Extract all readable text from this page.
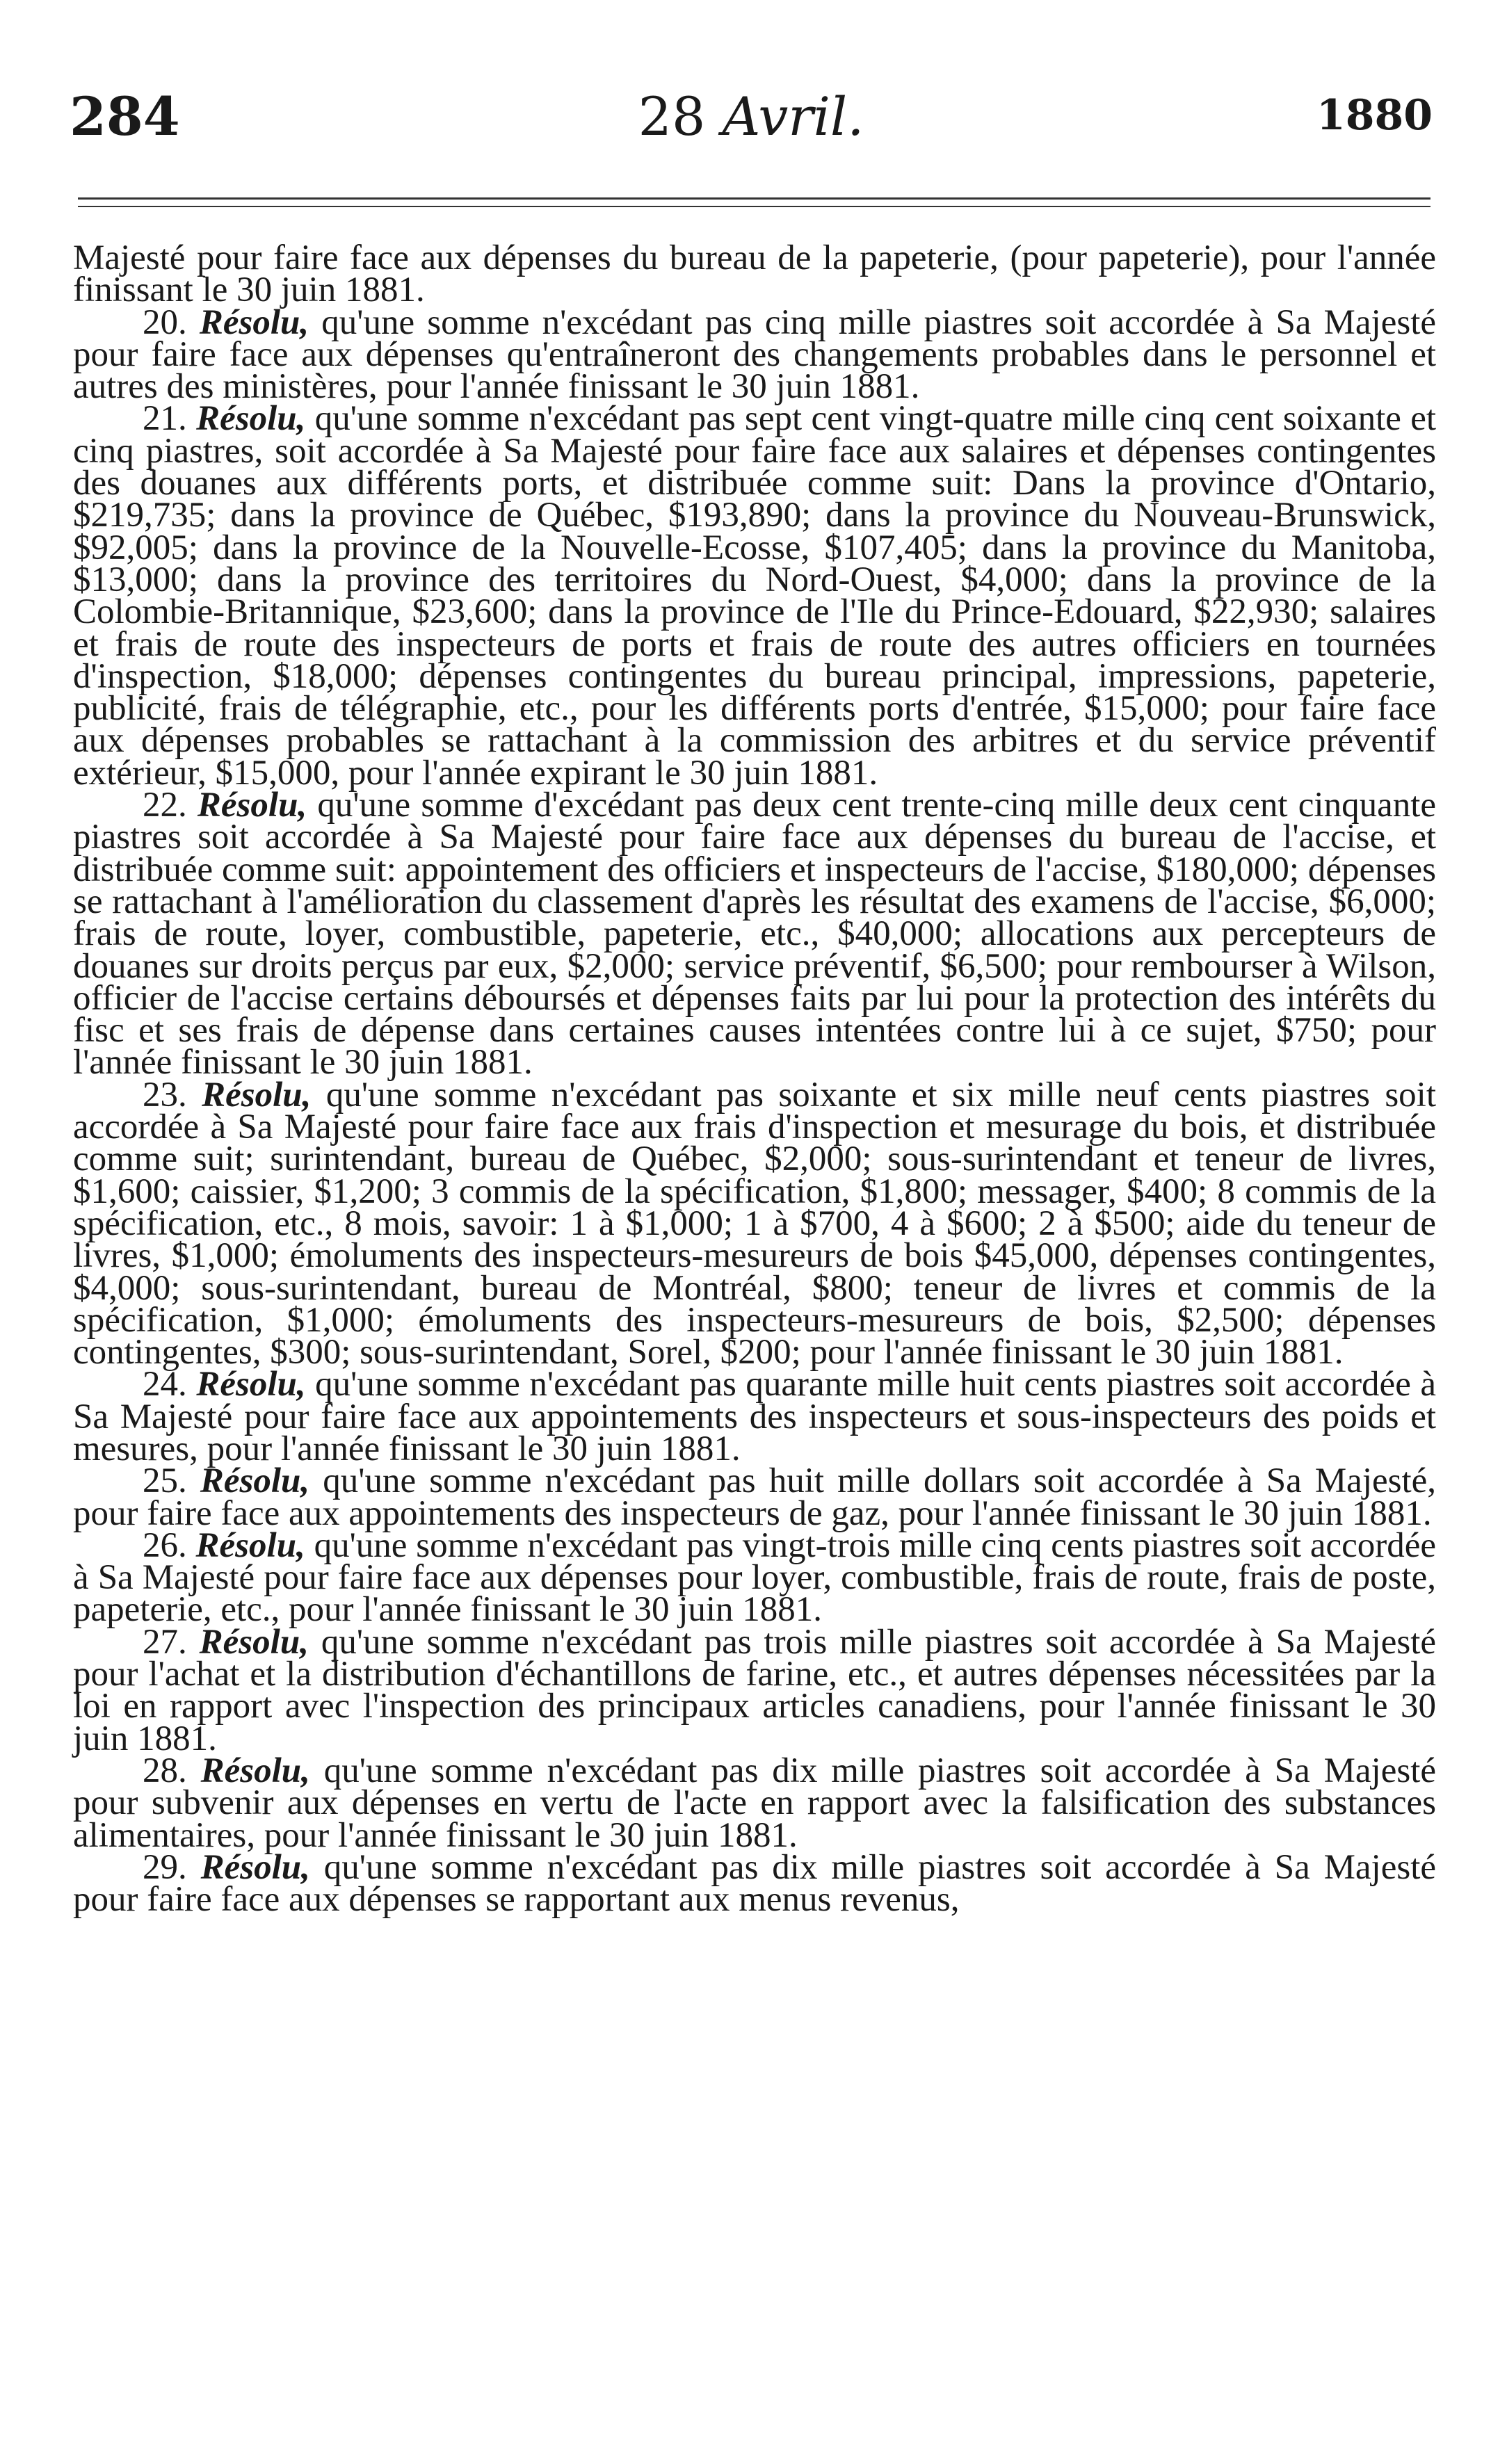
284	28 Avril.	1880

Majesté pour faire face aux dépenses du bureau de la papeterie, (pour papeterie), pour l'année finissant le 30 juin 1881.

20. Résolu, qu'une somme n'excédant pas cinq mille piastres soit accordée à Sa Majesté pour faire face aux dépenses qu'entraîneront des changements probables dans le personnel et autres des ministères, pour l'année finissant le 30 juin 1881.

21. Résolu, qu'une somme n'excédant pas sept cent vingt-quatre mille cinq cent soixante et cinq piastres, soit accordée à Sa Majesté pour faire face aux salaires et dépenses contingentes des douanes aux différents ports, et distribuée comme suit: Dans la province d'Ontario, $219,735; dans la province de Québec, $193,890; dans la province du Nouveau-Brunswick, $92,005; dans la province de la Nouvelle-Ecosse, $107,405; dans la province du Manitoba, $13,000; dans la province des territoires du Nord-Ouest, $4,000; dans la province de la Colombie-Britannique, $23,600; dans la province de l'Ile du Prince-Edouard, $22,930; salaires et frais de route des inspecteurs de ports et frais de route des autres officiers en tournées d'inspection, $18,000; dépenses contingentes du bureau principal, impressions, papeterie, publicité, frais de télégraphie, etc., pour les différents ports d'entrée, $15,000; pour faire face aux dépenses probables se rattachant à la commission des arbitres et du service préventif extérieur, $15,000, pour l'année expirant le 30 juin 1881.

22. Résolu, qu'une somme d'excédant pas deux cent trente-cinq mille deux cent cinquante piastres soit accordée à Sa Majesté pour faire face aux dépenses du bureau de l'accise, et distribuée comme suit: appointement des officiers et inspecteurs de l'accise, $180,000; dépenses se rattachant à l'amélioration du classement d'après les résultat des examens de l'accise, $6,000; frais de route, loyer, combustible, papeterie, etc., $40,000; allocations aux percepteurs de douanes sur droits perçus par eux, $2,000; service préventif, $6,500; pour rembourser à Wilson, officier de l'accise certains déboursés et dépenses faits par lui pour la protection des intérêts du fisc et ses frais de dépense dans certaines causes intentées contre lui à ce sujet, $750; pour l'année finissant le 30 juin 1881.

23. Résolu, qu'une somme n'excédant pas soixante et six mille neuf cents piastres soit accordée à Sa Majesté pour faire face aux frais d'inspection et mesurage du bois, et distribuée comme suit; surintendant, bureau de Québec, $2,000; sous-surintendant et teneur de livres, $1,600; caissier, $1,200; 3 commis de la spécification, $1,800; messager, $400; 8 commis de la spécification, etc., 8 mois, savoir: 1 à $1,000; 1 à $700, 4 à $600; 2 à $500; aide du teneur de livres, $1,000; émoluments des inspecteurs-mesureurs de bois $45,000, dépenses contingentes, $4,000; sous-surintendant, bureau de Montréal, $800; teneur de livres et commis de la spécification, $1,000; émoluments des inspecteurs-mesureurs de bois, $2,500; dépenses contingentes, $300; sous-surintendant, Sorel, $200; pour l'année finissant le 30 juin 1881.

24. Résolu, qu'une somme n'excédant pas quarante mille huit cents piastres soit accordée à Sa Majesté pour faire face aux appointements des inspecteurs et sous-inspecteurs des poids et mesures, pour l'année finissant le 30 juin 1881.

25. Résolu, qu'une somme n'excédant pas huit mille dollars soit accordée à Sa Majesté, pour faire face aux appointements des inspecteurs de gaz, pour l'année finissant le 30 juin 1881.

26. Résolu, qu'une somme n'excédant pas vingt-trois mille cinq cents piastres soit accordée à Sa Majesté pour faire face aux dépenses pour loyer, combustible, frais de route, frais de poste, papeterie, etc., pour l'année finissant le 30 juin 1881.

27. Résolu, qu'une somme n'excédant pas trois mille piastres soit accordée à Sa Majesté pour l'achat et la distribution d'échantillons de farine, etc., et autres dépenses nécessitées par la loi en rapport avec l'inspection des principaux articles canadiens, pour l'année finissant le 30 juin 1881.

28. Résolu, qu'une somme n'excédant pas dix mille piastres soit accordée à Sa Majesté pour subvenir aux dépenses en vertu de l'acte en rapport avec la falsification des substances alimentaires, pour l'année finissant le 30 juin 1881.

29. Résolu, qu'une somme n'excédant pas dix mille piastres soit accordée à Sa Majesté pour faire face aux dépenses se rapportant aux menus revenus,
